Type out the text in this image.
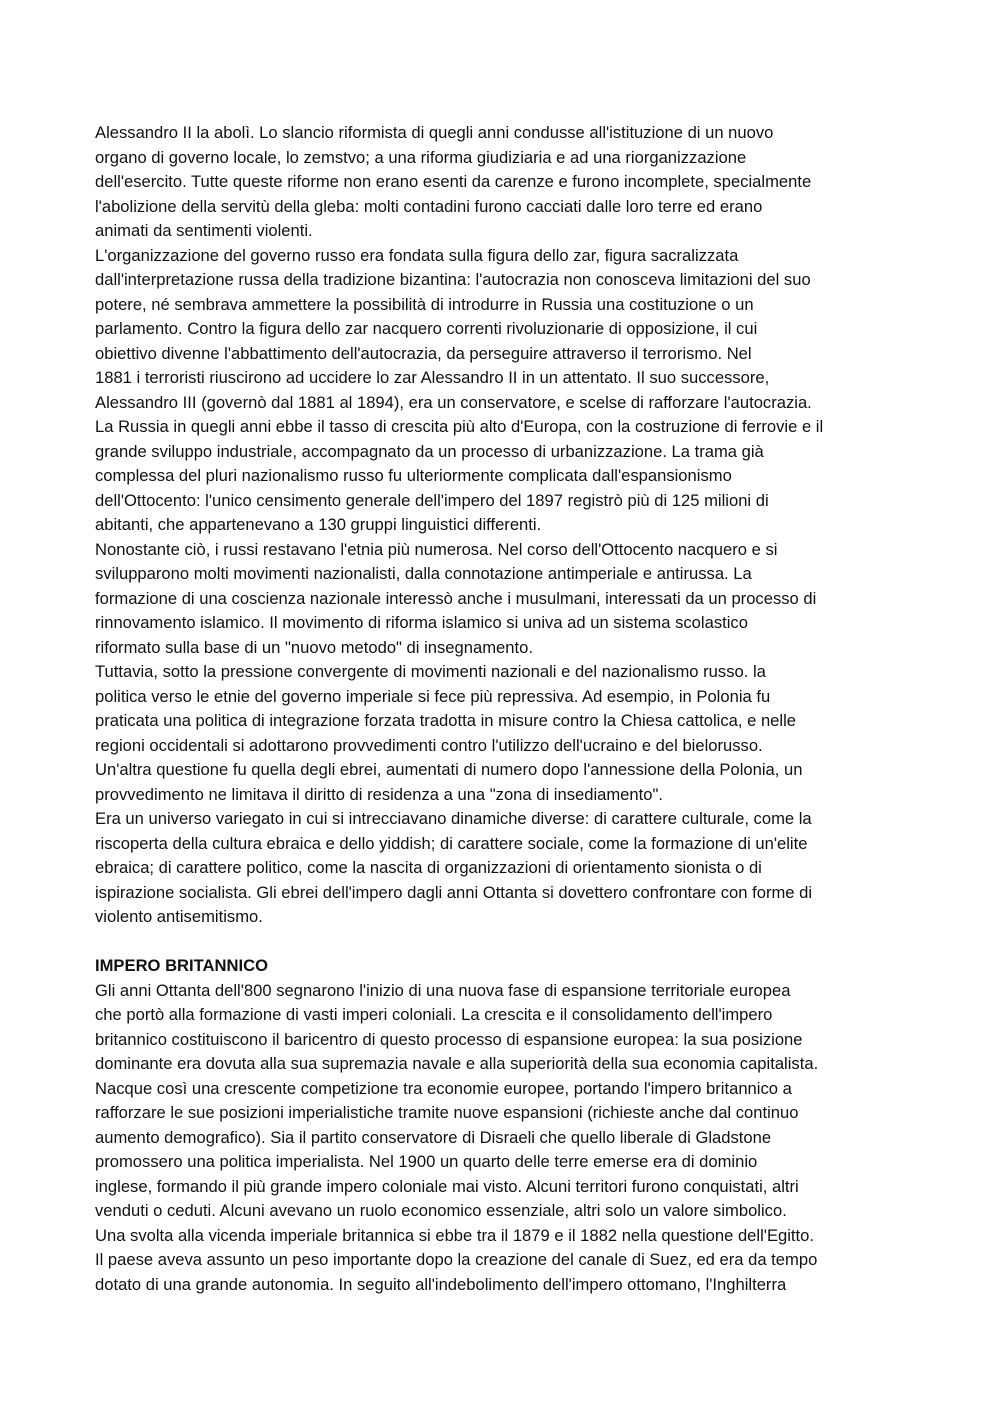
Alessandro II la abolì. Lo slancio riformista di quegli anni condusse all'istituzione di un nuovo
organo di governo locale, lo zemstvo; a una riforma giudiziaria e ad una riorganizzazione
dell'esercito. Tutte queste riforme non erano esenti da carenze e furono incomplete, specialmente
l'abolizione della servitù della gleba: molti contadini furono cacciati dalle loro terre ed erano
animati da sentimenti violenti.
L'organizzazione del governo russo era fondata sulla figura dello zar, figura sacralizzata
dall'interpretazione russa della tradizione bizantina: l'autocrazia non conosceva limitazioni del suo
potere, né sembrava ammettere la possibilità di introdurre in Russia una costituzione o un
parlamento. Contro la figura dello zar nacquero correnti rivoluzionarie di opposizione, il cui
obiettivo divenne l'abbattimento dell'autocrazia, da perseguire attraverso il terrorismo. Nel
1881 i terroristi riuscirono ad uccidere lo zar Alessandro II in un attentato. Il suo successore,
Alessandro III (governò dal 1881 al 1894), era un conservatore, e scelse di rafforzare l'autocrazia.
La Russia in quegli anni ebbe il tasso di crescita più alto d'Europa, con la costruzione di ferrovie e il
grande sviluppo industriale, accompagnato da un processo di urbanizzazione. La trama già
complessa del pluri nazionalismo russo fu ulteriormente complicata dall'espansionismo
dell'Ottocento: l'unico censimento generale dell'impero del 1897 registrò più di 125 milioni di
abitanti, che appartenevano a 130 gruppi linguistici differenti.
Nonostante ciò, i russi restavano l'etnia più numerosa. Nel corso dell'Ottocento nacquero e si
svilupparono molti movimenti nazionalisti, dalla connotazione antimperiale e antirussa. La
formazione di una coscienza nazionale interessò anche i musulmani, interessati da un processo di
rinnovamento islamico. Il movimento di riforma islamico si univa ad un sistema scolastico
riformato sulla base di un "nuovo metodo" di insegnamento.
Tuttavia, sotto la pressione convergente di movimenti nazionali e del nazionalismo russo. la
politica verso le etnie del governo imperiale si fece più repressiva. Ad esempio, in Polonia fu
praticata una politica di integrazione forzata tradotta in misure contro la Chiesa cattolica, e nelle
regioni occidentali si adottarono provvedimenti contro l'utilizzo dell'ucraino e del bielorusso.
Un'altra questione fu quella degli ebrei, aumentati di numero dopo l'annessione della Polonia, un
provvedimento ne limitava il diritto di residenza a una "zona di insediamento".
Era un universo variegato in cui si intrecciavano dinamiche diverse: di carattere culturale, come la
riscoperta della cultura ebraica e dello yiddish; di carattere sociale, come la formazione di un'elite
ebraica; di carattere politico, come la nascita di organizzazioni di orientamento sionista o di
ispirazione socialista. Gli ebrei dell'impero dagli anni Ottanta si dovettero confrontare con forme di
violento antisemitismo.
IMPERO BRITANNICO
Gli anni Ottanta dell'800 segnarono l'inizio di una nuova fase di espansione territoriale europea
che portò alla formazione di vasti imperi coloniali. La crescita e il consolidamento dell'impero
britannico costituiscono il baricentro di questo processo di espansione europea: la sua posizione
dominante era dovuta alla sua supremazia navale e alla superiorità della sua economia capitalista.
Nacque così una crescente competizione tra economie europee, portando l'impero britannico a
rafforzare le sue posizioni imperialistiche tramite nuove espansioni (richieste anche dal continuo
aumento demografico). Sia il partito conservatore di Disraeli che quello liberale di Gladstone
promossero una politica imperialista. Nel 1900 un quarto delle terre emerse era di dominio
inglese, formando il più grande impero coloniale mai visto. Alcuni territori furono conquistati, altri
venduti o ceduti. Alcuni avevano un ruolo economico essenziale, altri solo un valore simbolico.
Una svolta alla vicenda imperiale britannica si ebbe tra il 1879 e il 1882 nella questione dell'Egitto.
Il paese aveva assunto un peso importante dopo la creazione del canale di Suez, ed era da tempo
dotato di una grande autonomia. In seguito all'indebolimento dell'impero ottomano, l'Inghilterra
